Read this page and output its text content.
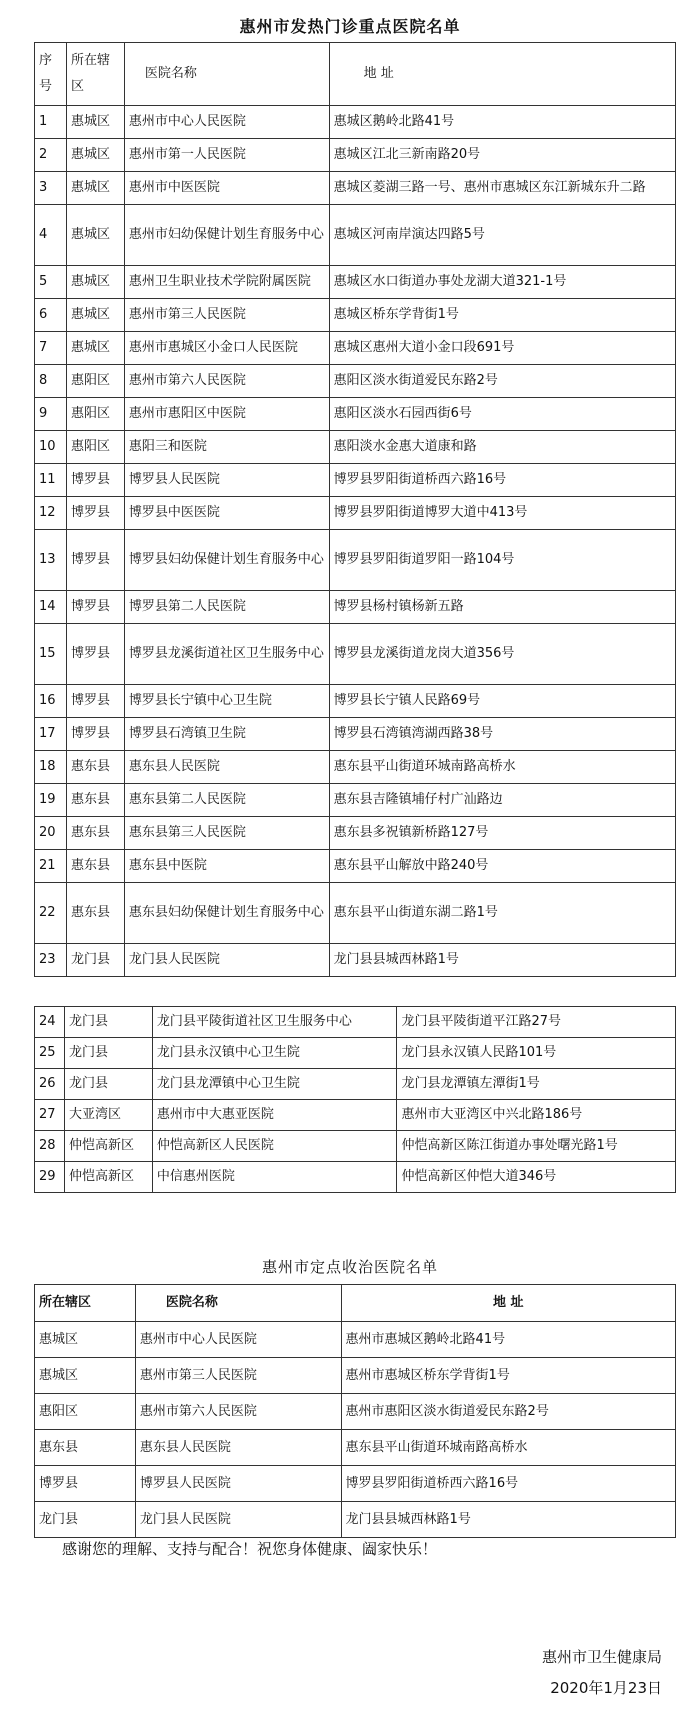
惠州市发热门诊重点医院名单
序号	所在辖区	医院名称	地 址
1	惠城区	惠州市中心人民医院	惠城区鹅岭北路41号
2	惠城区	惠州市第一人民医院	惠城区江北三新南路20号
3	惠城区	惠州市中医医院	惠城区菱湖三路一号、惠州市惠城区东江新城东升二路
4	惠城区	惠州市妇幼保健计划生育服务中心	惠城区河南岸演达四路5号
5	惠城区	惠州卫生职业技术学院附属医院	惠城区水口街道办事处龙湖大道321-1号
6	惠城区	惠州市第三人民医院	惠城区桥东学背街1号
7	惠城区	惠州市惠城区小金口人民医院	惠城区惠州大道小金口段691号
8	惠阳区	惠州市第六人民医院	惠阳区淡水街道爱民东路2号
9	惠阳区	惠州市惠阳区中医院	惠阳区淡水石园西街6号
10	惠阳区	惠阳三和医院	惠阳淡水金惠大道康和路
11	博罗县	博罗县人民医院	博罗县罗阳街道桥西六路16号
12	博罗县	博罗县中医医院	博罗县罗阳街道博罗大道中413号
13	博罗县	博罗县妇幼保健计划生育服务中心	博罗县罗阳街道罗阳一路104号
14	博罗县	博罗县第二人民医院	博罗县杨村镇杨新五路
15	博罗县	博罗县龙溪街道社区卫生服务中心	博罗县龙溪街道龙岗大道356号
16	博罗县	博罗县长宁镇中心卫生院	博罗县长宁镇人民路69号
17	博罗县	博罗县石湾镇卫生院	博罗县石湾镇湾湖西路38号
18	惠东县	惠东县人民医院	惠东县平山街道环城南路高桥水
19	惠东县	惠东县第二人民医院	惠东县吉隆镇埔仔村广汕路边
20	惠东县	惠东县第三人民医院	惠东县多祝镇新桥路127号
21	惠东县	惠东县中医院	惠东县平山解放中路240号
22	惠东县	惠东县妇幼保健计划生育服务中心	惠东县平山街道东湖二路1号
23	龙门县	龙门县人民医院	龙门县县城西林路1号
24	龙门县	龙门县平陵街道社区卫生服务中心	龙门县平陵街道平江路27号
25	龙门县	龙门县永汉镇中心卫生院	龙门县永汉镇人民路101号
26	龙门县	龙门县龙潭镇中心卫生院	龙门县龙潭镇左潭街1号
27	大亚湾区	惠州市中大惠亚医院	惠州市大亚湾区中兴北路186号
28	仲恺高新区	仲恺高新区人民医院	仲恺高新区陈江街道办事处曙光路1号
29	仲恺高新区	中信惠州医院	仲恺高新区仲恺大道346号
惠州市定点收治医院名单
所在辖区	医院名称	地 址
惠城区	惠州市中心人民医院	惠州市惠城区鹅岭北路41号
惠城区	惠州市第三人民医院	惠州市惠城区桥东学背街1号
惠阳区	惠州市第六人民医院	惠州市惠阳区淡水街道爱民东路2号
惠东县	惠东县人民医院	惠东县平山街道环城南路高桥水
博罗县	博罗县人民医院	博罗县罗阳街道桥西六路16号
龙门县	龙门县人民医院	龙门县县城西林路1号
感谢您的理解、支持与配合！祝您身体健康、阖家快乐！
惠州市卫生健康局
2020年1月23日
